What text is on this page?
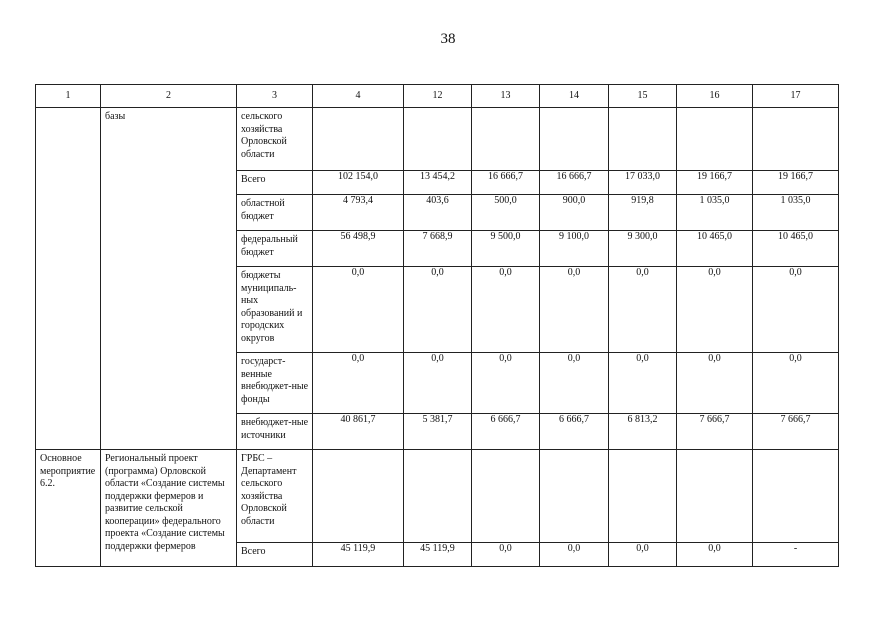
38
1	2	3	4	12	13	14	15	16	17

	базы	сельского хозяйства Орловской области							

		Всего	102 154,0	13 454,2	16 666,7	16 666,7	17 033,0	19 166,7	19 166,7

		областной бюджет	4 793,4	403,6	500,0	900,0	919,8	1 035,0	1 035,0

		федеральный бюджет	56 498,9	7 668,9	9 500,0	9 100,0	9 300,0	10 465,0	10 465,0

		бюджеты муниципаль-ных образований и городских округов	0,0	0,0	0,0	0,0	0,0	0,0	0,0

		государст-венные внебюджет-ные фонды	0,0	0,0	0,0	0,0	0,0	0,0	0,0

		внебюджет-ные источники	40 861,7	5 381,7	6 666,7	6 666,7	6 813,2	7 666,7	7 666,7

Основное мероприятие 6.2.	Региональный проект (программа) Орловской области «Создание системы поддержки фермеров и развитие сельской кооперации» федерального проекта «Создание системы поддержки фермеров	ГРБС – Департамент сельского хозяйства Орловской области							

		Всего	45 119,9	45 119,9	0,0	0,0	0,0	0,0	-
